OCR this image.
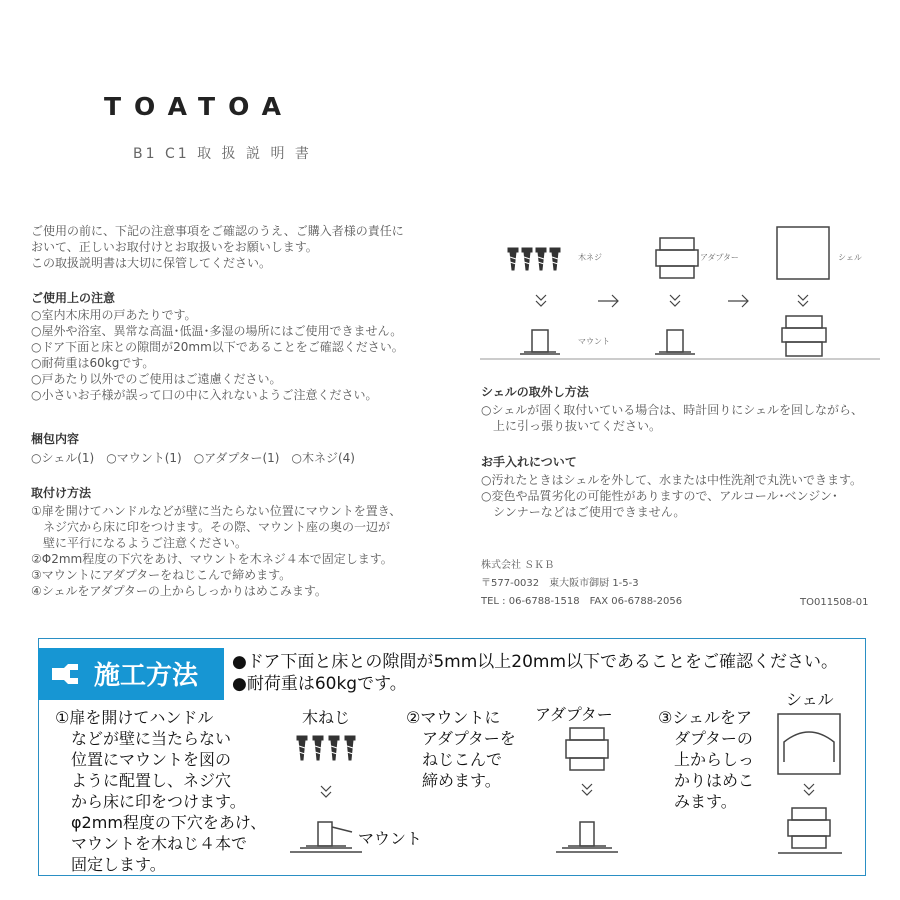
TOATOA
B1 C1 取 扱 説 明 書
ご使用の前に、下記の注意事項をご確認のうえ、ご購入者様の責任に
おいて、正しいお取付けとお取扱いをお願いします。
この取扱説明書は大切に保管してください。
ご使用上の注意
○室内木床用の戸あたりです。
○屋外や浴室、異常な高温･低温･多湿の場所にはご使用できません。
○ドア下面と床との隙間が20mm以下であることをご確認ください。
○耐荷重は60kgです。
○戸あたり以外でのご使用はご遠慮ください。
○小さいお子様が誤って口の中に入れないようご注意ください。
梱包内容
○シェル(1)　○マウント(1)　○アダプター(1)　○木ネジ(4)
取付け方法
①扉を開けてハンドルなどが壁に当たらない位置にマウントを置き、
　ネジ穴から床に印をつけます。その際、マウント座の奥の一辺が
　壁に平行になるようご注意ください。
②Φ2mm程度の下穴をあけ、マウントを木ネジ４本で固定します。
③マウントにアダプターをねじこんで締めます。
④シェルをアダプターの上からしっかりはめこみます。
木ネジ	アダプター	シェル
マウント
シェルの取外し方法
○シェルが固く取付いている場合は、時計回りにシェルを回しながら、
　上に引っ張り抜いてください。
お手入れについて
○汚れたときはシェルを外して、水または中性洗剤で丸洗いできます。
○変色や品質劣化の可能性がありますので、アルコール･ベンジン･
　シンナーなどはご使用できません。
株式会社 ＳＫＢ
〒577-0032　東大阪市御厨 1-5-3
TEL : 06-6788-1518　FAX 06-6788-2056	TO011508-01
施工方法 ●ドア下面と床との隙間が5mm以上20mm以下であることをご確認ください。
●耐荷重は60kgです。
①扉を開けてハンドル
　などが壁に当たらない
　位置にマウントを図の
　ように配置し、ネジ穴
　から床に印をつけます。
　φ2mm程度の下穴をあけ、
　マウントを木ねじ４本で
　固定します。
木ねじ
マウント
②マウントに
　アダプターを
　ねじこんで
　締めます。
アダプター	③シェルをア
　ダプターの
　上からしっ
　かりはめこ
　みます。
シェル
